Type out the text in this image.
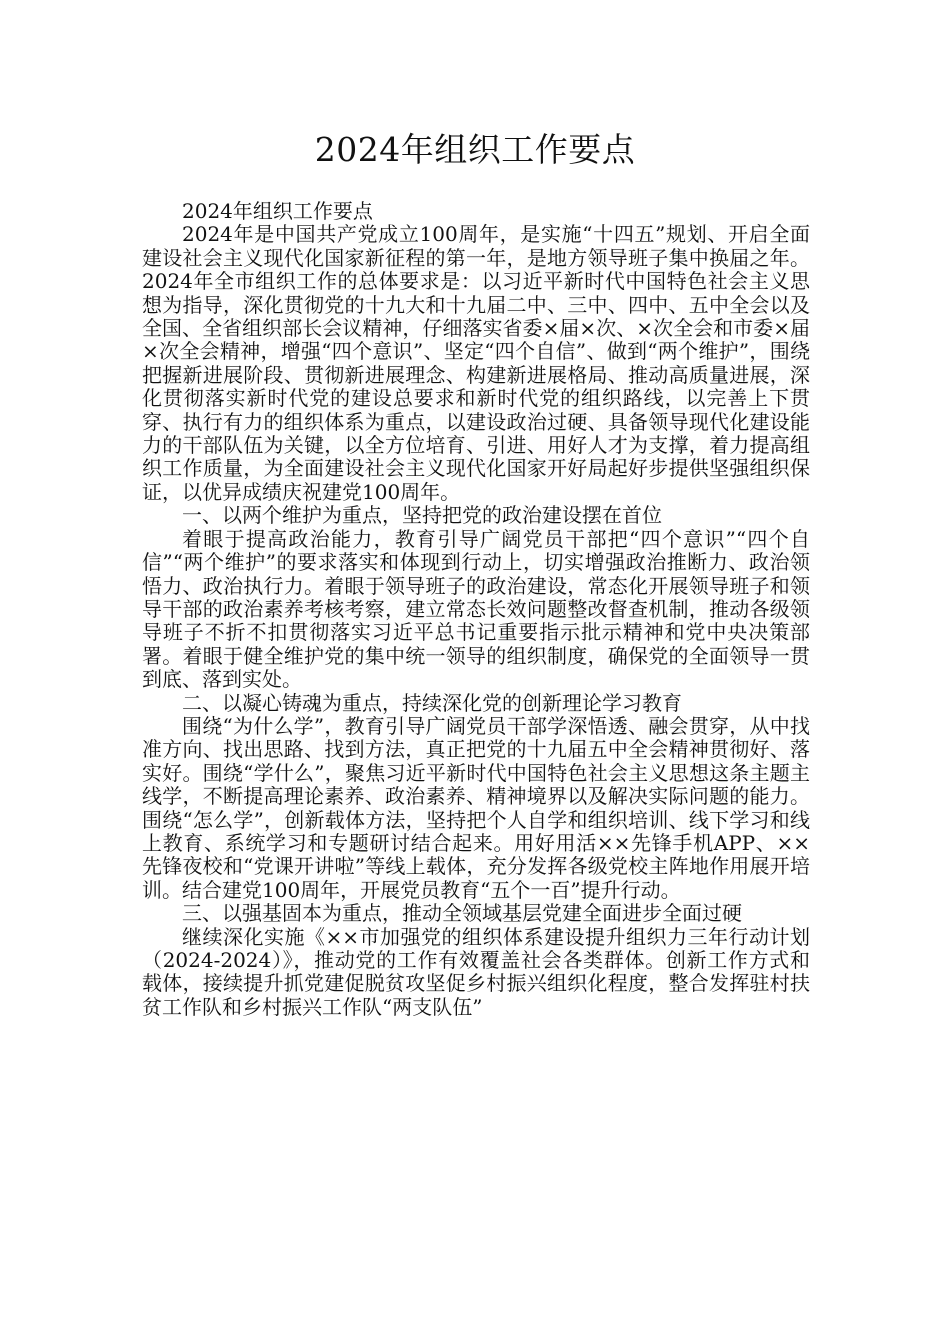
2024年组织工作要点

2024年组织工作要点

2024年是中国共产党成立100周年，是实施“十四五”规划、开启全面建设社会主义现代化国家新征程的第一年，是地方领导班子集中换届之年。2024年全市组织工作的总体要求是：以习近平新时代中国特色社会主义思想为指导，深化贯彻党的十九大和十九届二中、三中、四中、五中全会以及全国、全省组织部长会议精神，仔细落实省委×届×次、×次全会和市委×届×次全会精神，增强“四个意识”、坚定“四个自信”、做到“两个维护”，围绕把握新进展阶段、贯彻新进展理念、构建新进展格局、推动高质量进展，深化贯彻落实新时代党的建设总要求和新时代党的组织路线，以完善上下贯穿、执行有力的组织体系为重点，以建设政治过硬、具备领导现代化建设能力的干部队伍为关键，以全方位培育、引进、用好人才为支撑，着力提高组织工作质量，为全面建设社会主义现代化国家开好局起好步提供坚强组织保证，以优异成绩庆祝建党100周年。

一、以两个维护为重点，坚持把党的政治建设摆在首位

着眼于提高政治能力，教育引导广阔党员干部把“四个意识”“四个自信”“两个维护”的要求落实和体现到行动上，切实增强政治推断力、政治领悟力、政治执行力。着眼于领导班子的政治建设，常态化开展领导班子和领导干部的政治素养考核考察，建立常态长效问题整改督查机制，推动各级领导班子不折不扣贯彻落实习近平总书记重要指示批示精神和党中央决策部署。着眼于健全维护党的集中统一领导的组织制度，确保党的全面领导一贯到底、落到实处。

二、以凝心铸魂为重点，持续深化党的创新理论学习教育

围绕“为什么学”，教育引导广阔党员干部学深悟透、融会贯穿，从中找准方向、找出思路、找到方法，真正把党的十九届五中全会精神贯彻好、落实好。围绕“学什么”，聚焦习近平新时代中国特色社会主义思想这条主题主线学，不断提高理论素养、政治素养、精神境界以及解决实际问题的能力。围绕“怎么学”，创新载体方法，坚持把个人自学和组织培训、线下学习和线上教育、系统学习和专题研讨结合起来。用好用活××先锋手机APP、××先锋夜校和“党课开讲啦”等线上载体，充分发挥各级党校主阵地作用展开培训。结合建党100周年，开展党员教育“五个一百”提升行动。

三、以强基固本为重点，推动全领域基层党建全面进步全面过硬

继续深化实施《××市加强党的组织体系建设提升组织力三年行动计划（2024-2024）》，推动党的工作有效覆盖社会各类群体。创新工作方式和载体，接续提升抓党建促脱贫攻坚促乡村振兴组织化程度，整合发挥驻村扶贫工作队和乡村振兴工作队“两支队伍”
